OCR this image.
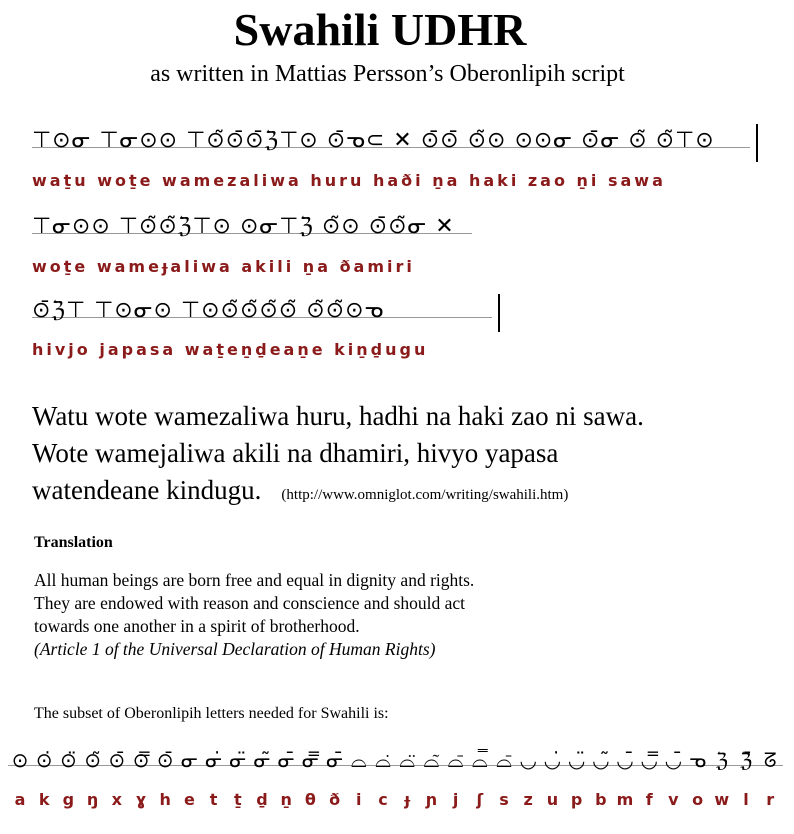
Swahili UDHR
as written in Mattias Persson’s Oberonlipih script
⊤⊙ᓂ ⊤ᓂ⊙⊙ ⊤⊙̃⊙̄⊙̄ℨ⊤⊙ ⊙̄ᓀ⊂ ✕ ⊙̄⊙̄ ⊙̃⊙ ⊙⊙ᓂ ⊙̄ᓂ ⊙̃ ⊙̃⊤⊙
waṯu woṯe wamezaliwa huru haði ṉa haki zao ṉi sawa
⊤ᓂ⊙⊙ ⊤⊙̃⊙̃ℨ⊤⊙ ⊙ᓂ⊤ℨ ⊙̃⊙ ⊙̄⊙̃ᓂ ✕
woṯe wameɟaliwa akili ṉa ðamiri
⊙̄ℨ⊤ ⊤⊙ᓂ⊙ ⊤⊙⊙̃⊙̃⊙̃⊙̃ ⊙̃⊙̃⊙ᓀ
hivjo japasa waṯeṉḏeaṉe kiṉḏugu
Watu wote wamezaliwa huru, hadhi na haki zao ni sawa.
Wote wamejaliwa akili na dhamiri, hivyo yapasa
watendeane kindugu. (http://www.omniglot.com/writing/swahili.htm)
Translation
All human beings are born free and equal in dignity and rights.
They are endowed with reason and conscience and should act
towards one another in a spirit of brotherhood.
(Article 1 of the Universal Declaration of Human Rights)
The subset of Oberonlipih letters needed for Swahili is:
⊙ ⊙̇ ⊙̈ ⊙̃ ⊙̄ ⊙̿ ⊙̄ ᓂ ᓂ̇ ᓂ̈ ᓂ̃ ᓂ̄ ᓂ̿ ᓂ̄ ⌓ ⌓̇ ⌓̈ ⌓̃ ⌓̄ ⌓̿ ⌓̄ ◡ ◡̇ ◡̈ ◡̃ ◡̄ ◡̿ ◡̄ ᓀ ℨ ℨ̄ ᘔ
a k g ŋ x ɣ h e t	ṯ ḏ ṉ θ ð i	c	ɟ ɲ j	ʃ	s z u p b m f v o w l	r
